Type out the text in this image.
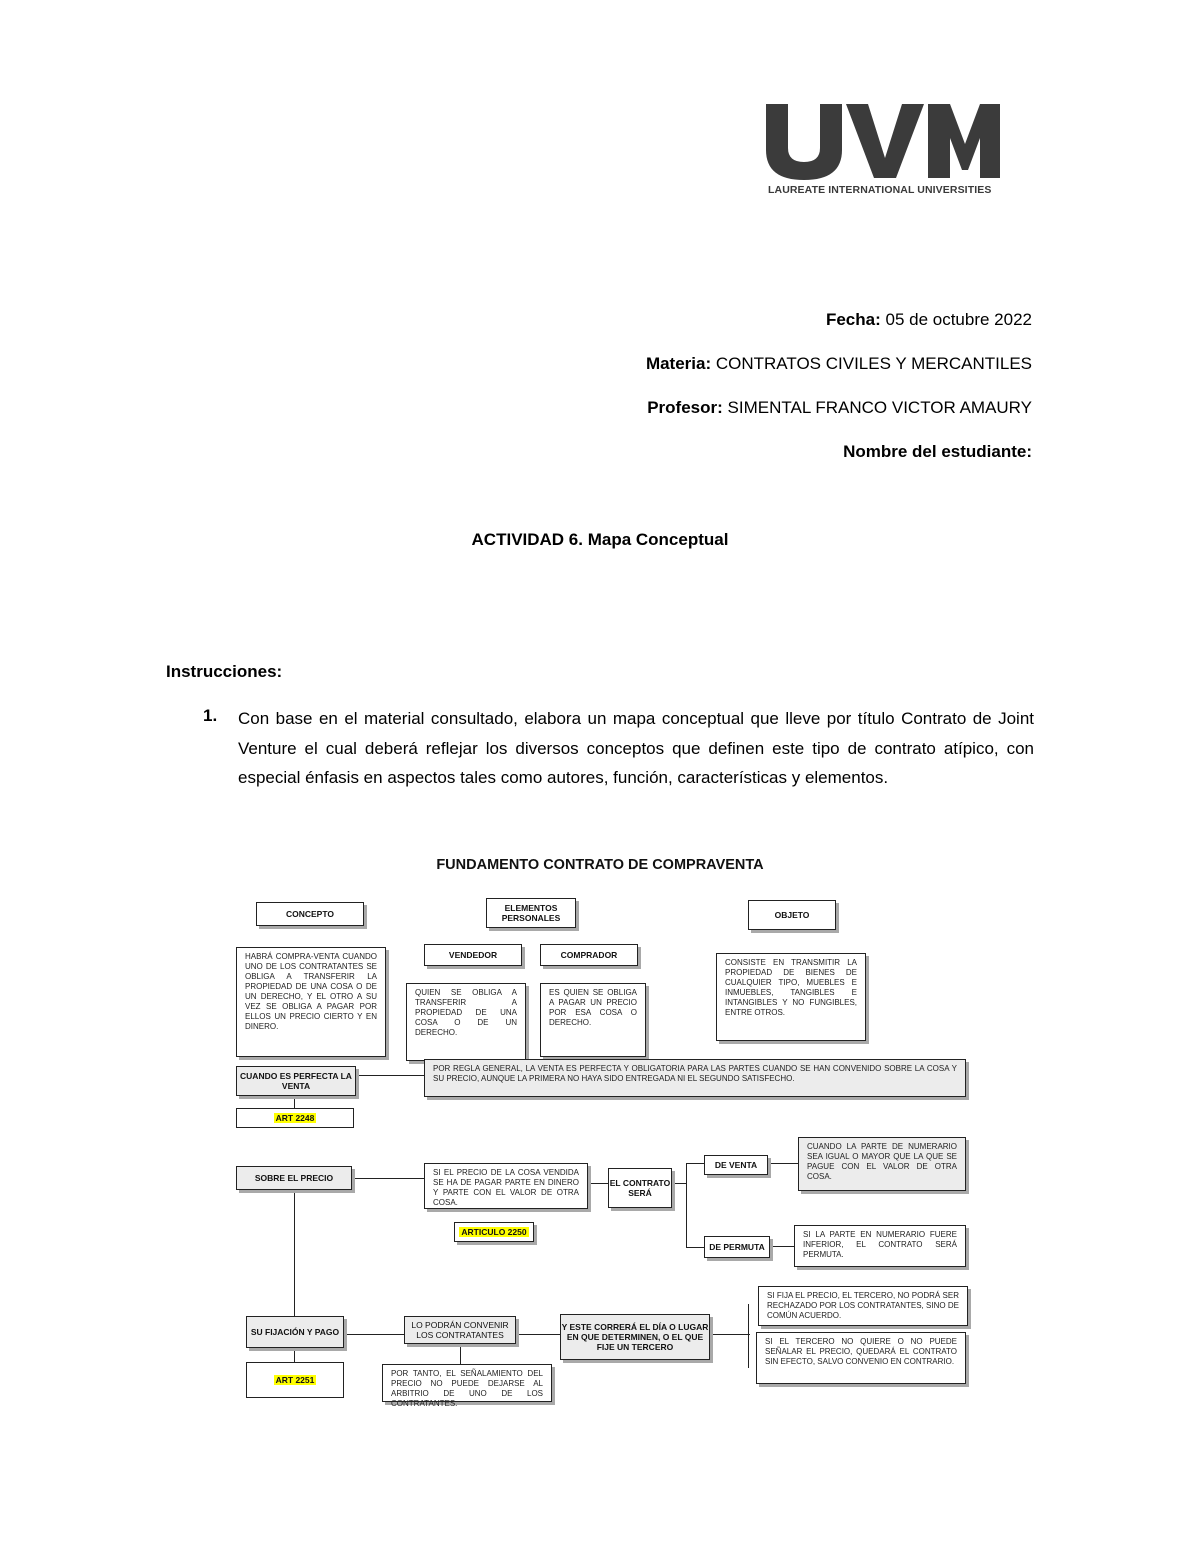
LAUREATE INTERNATIONAL UNIVERSITIES
Fecha: 05 de octubre 2022
Materia: CONTRATOS CIVILES Y MERCANTILES
Profesor: SIMENTAL FRANCO VICTOR AMAURY
Nombre del estudiante:
ACTIVIDAD 6. Mapa Conceptual
Instrucciones:
1. Con base en el material consultado, elabora un mapa conceptual que lleve por título Contrato de Joint Venture el cual deberá reflejar los diversos conceptos que definen este tipo de contrato atípico, con especial énfasis en aspectos tales como autores, función, características y elementos.
FUNDAMENTO CONTRATO DE COMPRAVENTA
CONCEPTO
ELEMENTOS PERSONALES	OBJETO
VENDEDOR	COMPRADOR
HABRÁ COMPRA-VENTA CUANDO UNO DE LOS CONTRATANTES SE OBLIGA A TRANSFERIR LA PROPIEDAD DE UNA COSA O DE UN DERECHO, Y EL OTRO A SU VEZ SE OBLIGA A PAGAR POR ELLOS UN PRECIO CIERTO Y EN DINERO.
QUIEN SE OBLIGA A TRANSFERIR A PROPIEDAD DE UNA COSA O DE UN DERECHO.
ES QUIEN SE OBLIGA A PAGAR UN PRECIO POR ESA COSA O DERECHO.
CONSISTE EN TRANSMITIR LA PROPIEDAD DE BIENES DE CUALQUIER TIPO, MUEBLES E INMUEBLES, TANGIBLES E INTANGIBLES Y NO FUNGIBLES, ENTRE OTROS.
CUANDO ES PERFECTA LA VENTA
POR REGLA GENERAL, LA VENTA ES PERFECTA Y OBLIGATORIA PARA LAS PARTES CUANDO SE HAN CONVENIDO SOBRE LA COSA Y SU PRECIO, AUNQUE LA PRIMERA NO HAYA SIDO ENTREGADA NI EL SEGUNDO SATISFECHO.
ART 2248
SOBRE EL PRECIO
SI EL PRECIO DE LA COSA VENDIDA SE HA DE PAGAR PARTE EN DINERO Y PARTE CON EL VALOR DE OTRA COSA.
ARTICULO 2250
EL CONTRATO SERÁ
DE VENTA
CUANDO LA PARTE DE NUMERARIO SEA IGUAL O MAYOR QUE LA QUE SE PAGUE CON EL VALOR DE OTRA COSA.
DE PERMUTA
SI LA PARTE EN NUMERARIO FUERE INFERIOR, EL CONTRATO SERÁ PERMUTA.
SU FIJACIÓN Y PAGO
ART 2251
LO PODRÁN CONVENIR LOS CONTRATANTES
POR TANTO, EL SEÑALAMIENTO DEL PRECIO NO PUEDE DEJARSE AL ARBITRIO DE UNO DE LOS CONTRATANTES.
Y ESTE CORRERÁ EL DÍA O LUGAR EN QUE DETERMINEN, O EL QUE FIJE UN TERCERO
SI FIJA EL PRECIO, EL TERCERO, NO PODRÁ SER RECHAZADO POR LOS CONTRATANTES, SINO DE COMÚN ACUERDO.
SI EL TERCERO NO QUIERE O NO PUEDE SEÑALAR EL PRECIO, QUEDARÁ EL CONTRATO SIN EFECTO, SALVO CONVENIO EN CONTRARIO.
